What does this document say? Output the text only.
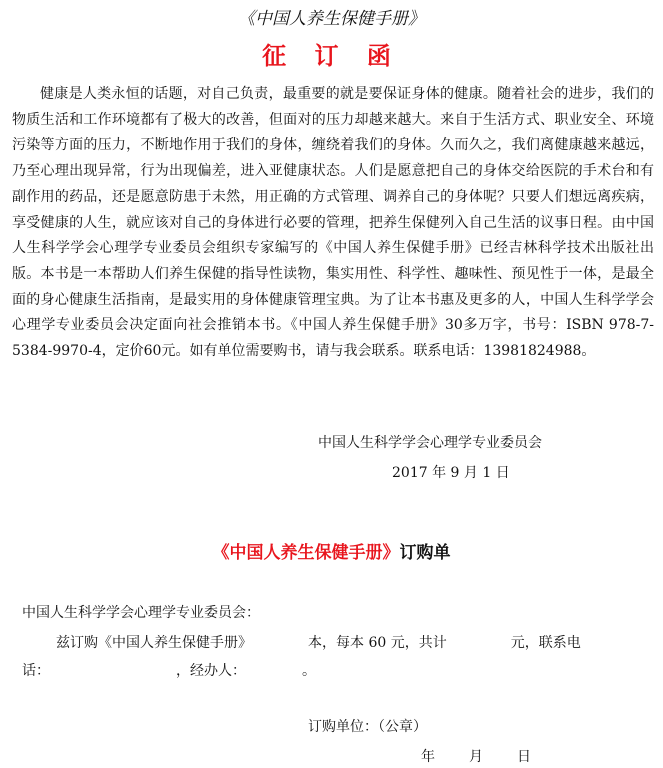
《中国人养生保健手册》
征 订 函

健康是人类永恒的话题，对自己负责，最重要的就是要保证身体的健康。随着社会的进步，我们的物质生活和工作环境都有了极大的改善，但面对的压力却越来越大。来自于生活方式、职业安全、环境污染等方面的压力，不断地作用于我们的身体，缠绕着我们的身体。久而久之，我们离健康越来越远，乃至心理出现异常，行为出现偏差，进入亚健康状态。人们是愿意把自己的身体交给医院的手术台和有副作用的药品，还是愿意防患于未然，用正确的方式管理、调养自己的身体呢？只要人们想远离疾病，享受健康的人生，就应该对自己的身体进行必要的管理，把养生保健列入自己生活的议事日程。由中国人生科学学会心理学专业委员会组织专家编写的《中国人养生保健手册》已经吉林科学技术出版社出版。本书是一本帮助人们养生保健的指导性读物，集实用性、科学性、趣味性、预见性于一体，是最全面的身心健康生活指南，是最实用的身体健康管理宝典。为了让本书惠及更多的人，中国人生科学学会心理学专业委员会决定面向社会推销本书。《中国人养生保健手册》30多万字，书号：ISBN 978-7-5384-9970-4，定价60元。如有单位需要购书，请与我会联系。联系电话：13981824988。

中国人生科学学会心理学专业委员会
2017 年 9 月 1 日
《中国人养生保健手册》订购单
中国人生科学学会心理学专业委员会：
兹订购《中国人养生保健手册》	本，每本 60 元，共计	元，联系电
话：	，经办人：	。
订购单位：（公章）
年 月 日
